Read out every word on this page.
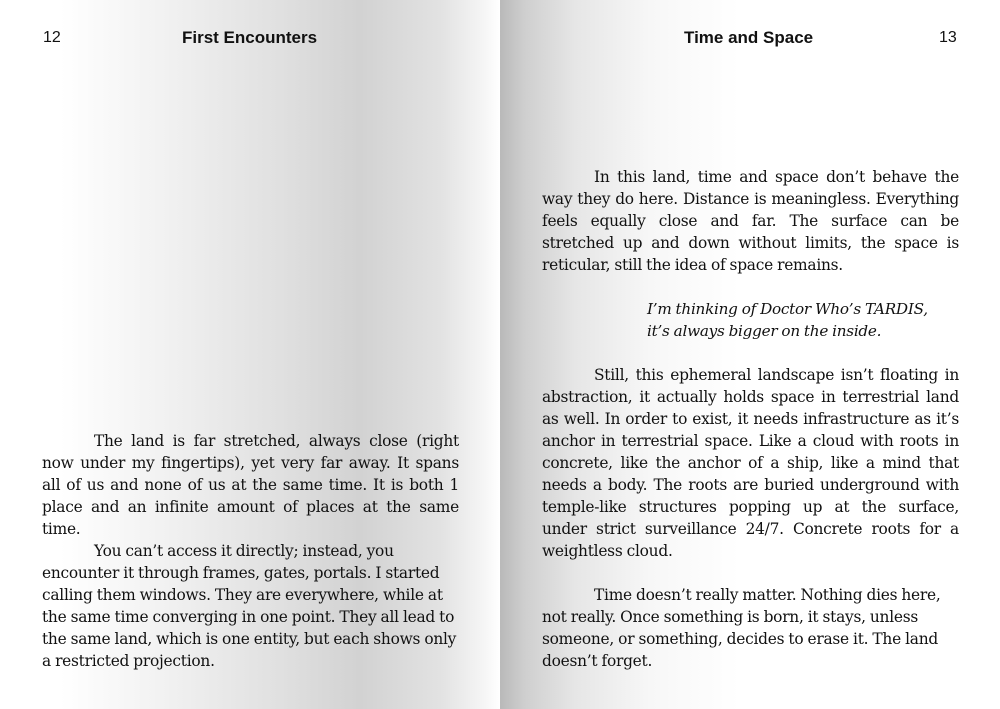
12	First Encounters

The land is far stretched, always close (right now under my fingertips), yet very far away. It spans all of us and none of us at the same time. It is both 1 place and an infinite amount of places at the same time.

You can’t access it directly; instead, you encounter it through frames, gates, portals. I started calling them windows. They are everywhere, while at the same time converging in one point. They all lead to the same land, which is one entity, but each shows only a restricted projection.

Time and Space	13

In this land, time and space don’t behave the way they do here. Distance is meaningless. Everything feels equally close and far. The surface can be stretched up and down without limits, the space is reticular, still the idea of space remains.

I’m thinking of Doctor Who’s TARDIS,
it’s always bigger on the inside.

Still, this ephemeral landscape isn’t floating in abstraction, it actually holds space in terrestrial land as well. In order to exist, it needs infrastructure as it’s anchor in terrestrial space. Like a cloud with roots in concrete, like the anchor of a ship, like a mind that needs a body. The roots are buried underground with temple-like structures popping up at the surface, under strict surveillance 24/7. Concrete roots for a weightless cloud.

Time doesn’t really matter. Nothing dies here, not really. Once something is born, it stays, unless someone, or something, decides to erase it. The land doesn’t forget.
